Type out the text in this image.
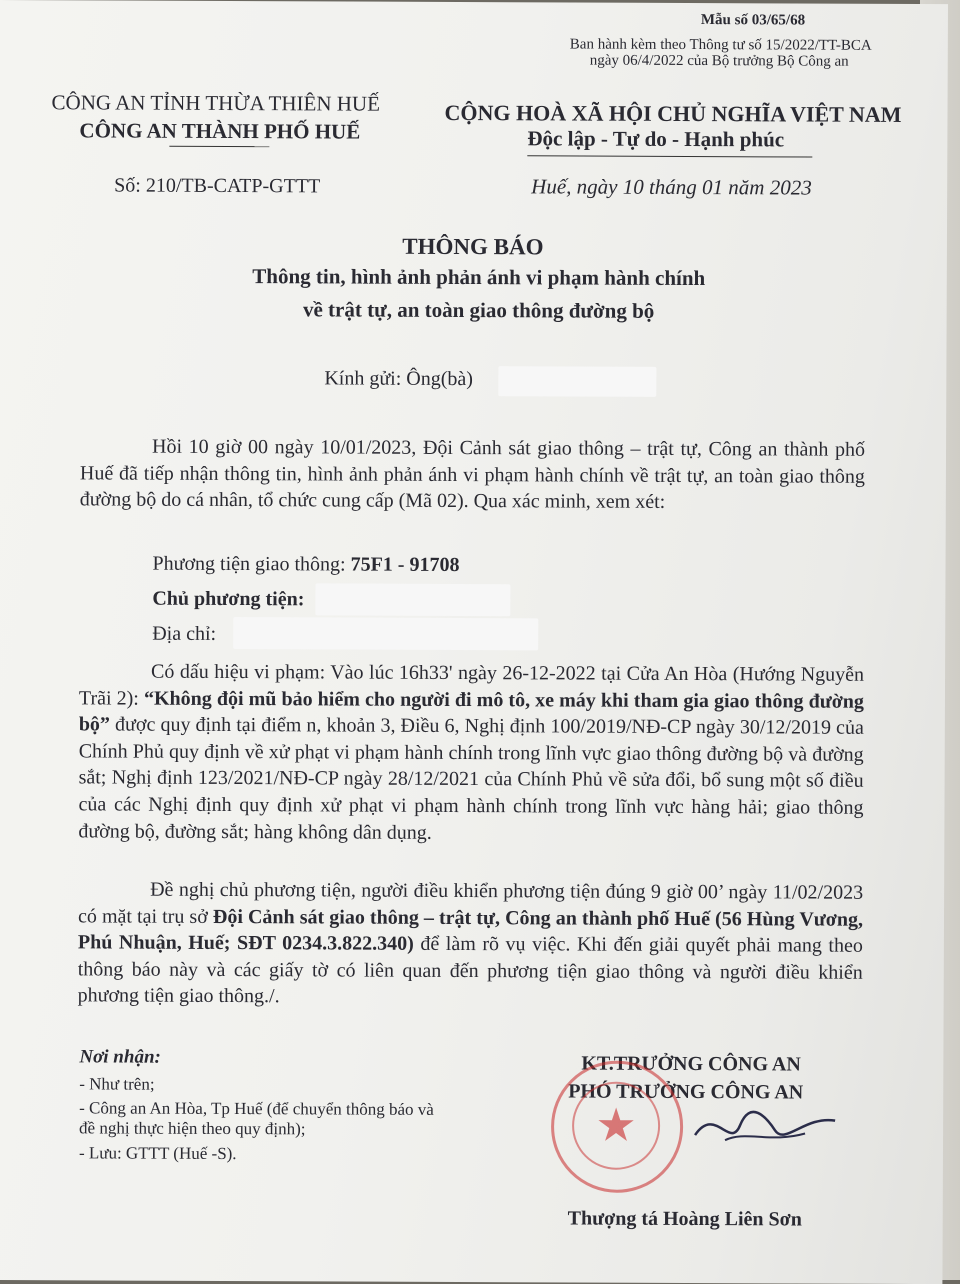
Mẫu số 03/65/68
Ban hành kèm theo Thông tư số 15/2022/TT-BCA
ngày 06/4/2022 của Bộ trưởng Bộ Công an
CÔNG AN TỈNH THỪA THIÊN HUẾ
CÔNG AN THÀNH PHỐ HUẾ
CỘNG HOÀ XÃ HỘI CHỦ NGHĨA VIỆT NAM
Độc lập - Tự do - Hạnh phúc
Số: 210/TB-CATP-GTTT	Huế, ngày 10 tháng 01 năm 2023
THÔNG BÁO
Thông tin, hình ảnh phản ánh vi phạm hành chính
về trật tự, an toàn giao thông đường bộ
Kính gửi: Ông(bà)

Hồi 10 giờ 00 ngày 10/01/2023, Đội Cảnh sát giao thông – trật tự, Công an thành phố Huế đã tiếp nhận thông tin, hình ảnh phản ánh vi phạm hành chính về trật tự, an toàn giao thông đường bộ do cá nhân, tổ chức cung cấp (Mã 02). Qua xác minh, xem xét:

Phương tiện giao thông: 75F1 - 91708
Chủ phương tiện:
Địa chỉ:

Có dấu hiệu vi phạm: Vào lúc 16h33' ngày 26-12-2022 tại Cửa An Hòa (Hướng Nguyễn Trãi 2): “Không đội mũ bảo hiểm cho người đi mô tô, xe máy khi tham gia giao thông đường bộ” được quy định tại điểm n, khoản 3, Điều 6, Nghị định 100/2019/NĐ-CP ngày 30/12/2019 của Chính Phủ quy định về xử phạt vi phạm hành chính trong lĩnh vực giao thông đường bộ và đường sắt; Nghị định 123/2021/NĐ-CP ngày 28/12/2021 của Chính Phủ về sửa đổi, bổ sung một số điều của các Nghị định quy định xử phạt vi phạm hành chính trong lĩnh vực hàng hải; giao thông đường bộ, đường sắt; hàng không dân dụng.

Đề nghị chủ phương tiện, người điều khiển phương tiện đúng 9 giờ 00’ ngày 11/02/2023 có mặt tại trụ sở Đội Cảnh sát giao thông – trật tự, Công an thành phố Huế (56 Hùng Vương, Phú Nhuận, Huế; SĐT 0234.3.822.340) để làm rõ vụ việc. Khi đến giải quyết phải mang theo thông báo này và các giấy tờ có liên quan đến phương tiện giao thông và người điều khiển phương tiện giao thông./.

Nơi nhận:
- Như trên;
- Công an An Hòa, Tp Huế (để chuyển thông báo và
đề nghị thực hiện theo quy định);
- Lưu: GTTT (Huế -S).
KT.TRƯỞNG CÔNG AN
PHÓ TRƯỞNG CÔNG AN
★
Thượng tá Hoàng Liên Sơn
